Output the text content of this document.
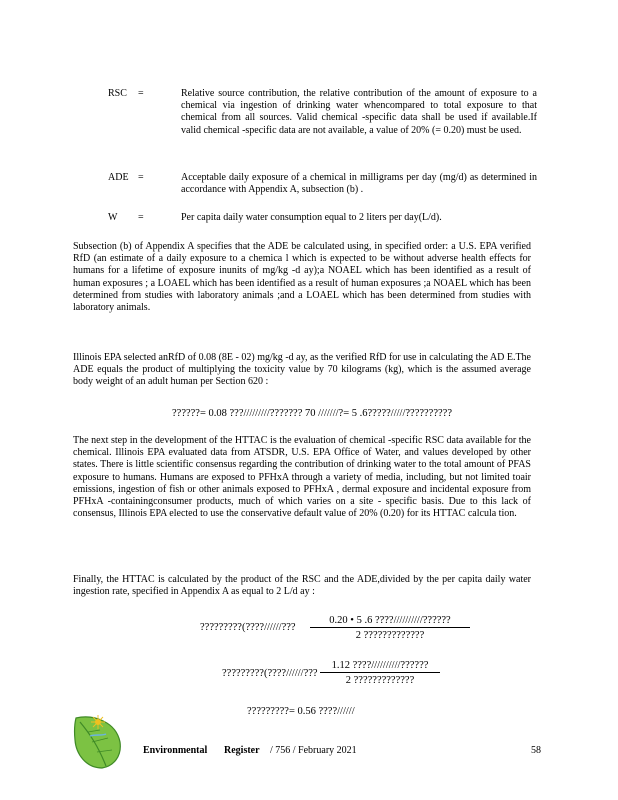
RSC	=	Relative source contribution, the relative contribution of the amount of exposure to a chemical via ingestion of drinking water whencompared to total exposure to that chemical from all sources. Valid chemical -specific data shall be used if available.If valid chemical -specific data are not available, a value of 20% (= 0.20) must be used.
ADE =	Acceptable daily exposure of a chemical in milligrams per day (mg/d) as determined in accordance with Appendix A, subsection (b) .
W	=	Per capita daily water consumption equal to 2 liters per day(L/d).
Subsection (b) of Appendix A specifies that the ADE be calculated using, in specified order: a U.S. EPA verified RfD (an estimate of a daily exposure to a chemica l which is expected to be without adverse health effects for humans for a lifetime of exposure inunits of mg/kg -d ay);a NOAEL which has been identified as a result of human exposures ; a LOAEL which has been identified as a result of human exposures ;a NOAEL which has been determined from studies with laboratory animals ;and a LOAEL which has been determined from studies with laboratory animals.
Illinois EPA selected anRfD of 0.08 (8E - 02) mg/kg -d ay, as the verified RfD for use in calculating the AD E.The ADE equals the product of multiplying the toxicity value by 70 kilograms (kg), which is the assumed average body weight of an adult human per Section 620 :
??????= 0.08 ???/////////??????? 70 ///////?= 5 .6?????/////??????????
The next step in the development of the HTTAC is the evaluation of chemical -specific RSC data available for the chemical. Illinois EPA evaluated data from ATSDR, U.S. EPA Office of Water, and values developed by other states. There is little scientific consensus regarding the contribution of drinking water to the total amount of PFAS exposure to humans. Humans are exposed to PFHxA through a variety of media, including, but not limited toair emissions, ingestion of fish or other animals exposed to PFHxA , dermal exposure and incidental exposure from PFHxA -containingconsumer products, much of which varies on a site - specific basis. Due to this lack of consensus, Illinois EPA elected to use the conservative default value of 20% (0.20) for its HTTAC calcula tion.
Finally, the HTTAC is calculated by the product of the RSC and the ADE,divided by the per capita daily water ingestion rate, specified in Appendix A as equal to 2 L/d ay :
?????????(????//////???
0.20 • 5 .6 ????//////////??????
2 ?????????????
?????????(????//////???
1.12 ????//////////??????
2 ?????????????
?????????= 0.56 ????//////
Environmental Register / 756 / February 2021	58
